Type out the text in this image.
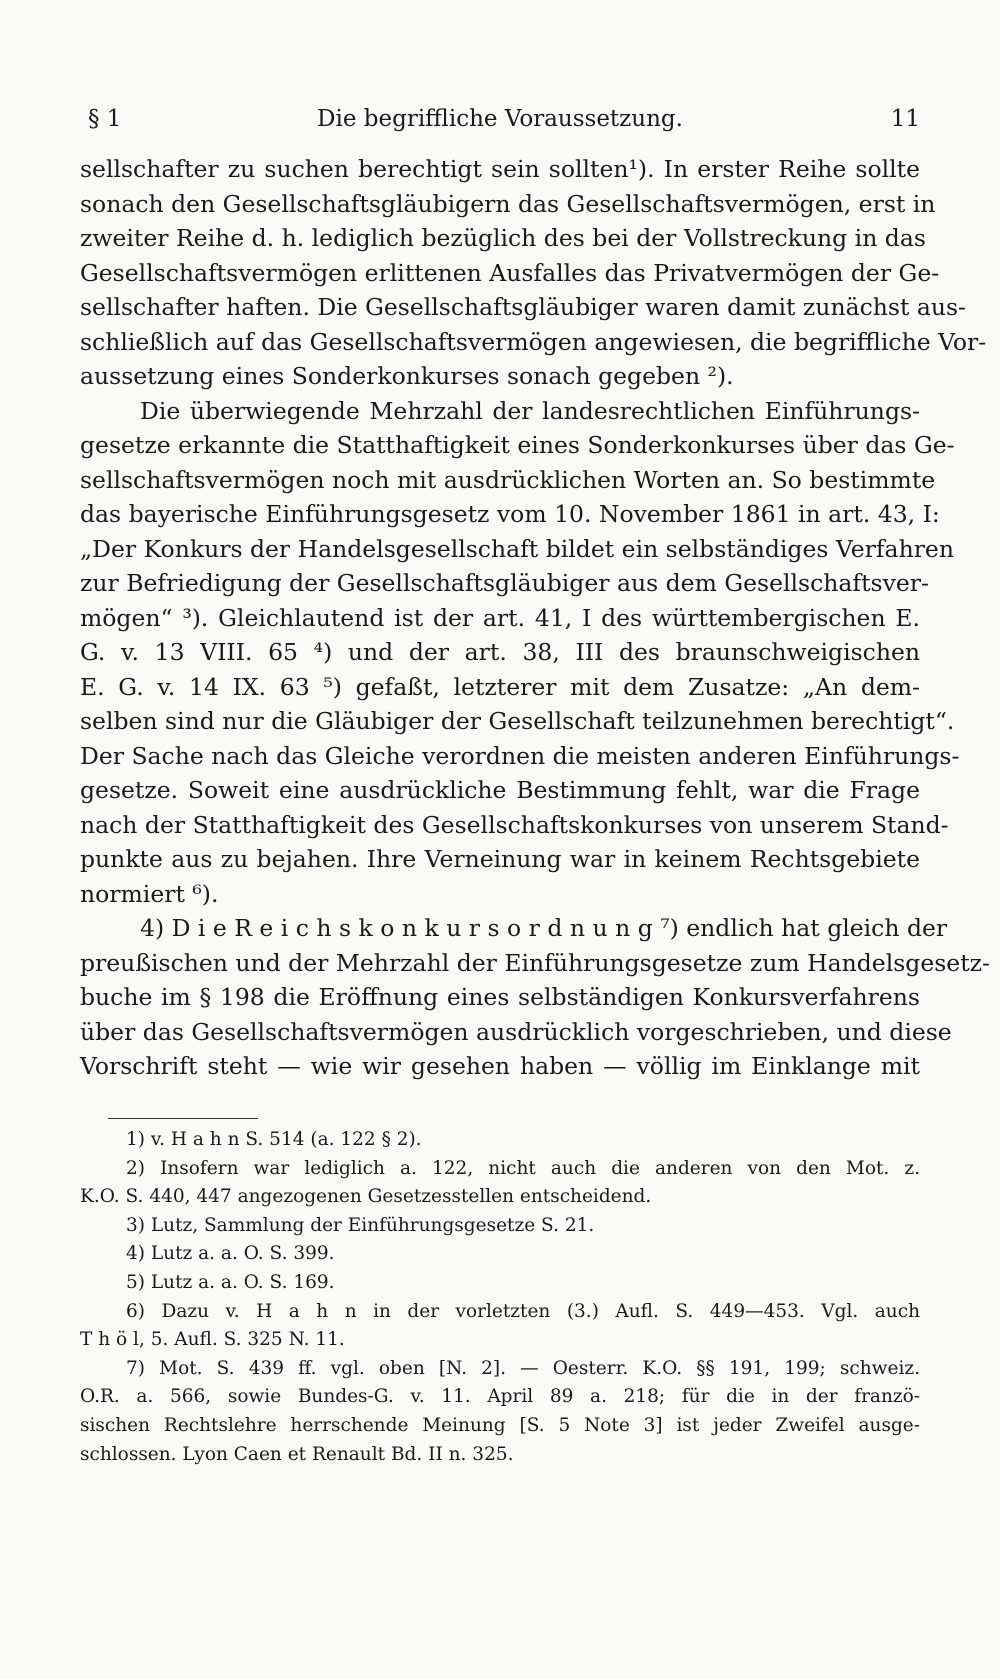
§ 1	Die begriffliche Voraussetzung.	11
sellschafter zu suchen berechtigt sein sollten¹). In erster Reihe sollte
sonach den Gesellschaftsgläubigern das Gesellschaftsvermögen, erst in
zweiter Reihe d. h. lediglich bezüglich des bei der Vollstreckung in das
Gesellschaftsvermögen erlittenen Ausfalles das Privatvermögen der Ge-
sellschafter haften. Die Gesellschaftsgläubiger waren damit zunächst aus-
schließlich auf das Gesellschaftsvermögen angewiesen, die begriffliche Vor-
aussetzung eines Sonderkonkurses sonach gegeben ²).
Die überwiegende Mehrzahl der landesrechtlichen Einführungs-
gesetze erkannte die Statthaftigkeit eines Sonderkonkurses über das Ge-
sellschaftsvermögen noch mit ausdrücklichen Worten an. So bestimmte
das bayerische Einführungsgesetz vom 10. November 1861 in art. 43, I:
„Der Konkurs der Handelsgesellschaft bildet ein selbständiges Verfahren
zur Befriedigung der Gesellschaftsgläubiger aus dem Gesellschaftsver-
mögen“ ³). Gleichlautend ist der art. 41, I des württembergischen E.
G. v. 13 VIII. 65 ⁴) und der art. 38, III des braunschweigischen
E. G. v. 14 IX. 63 ⁵) gefaßt, letzterer mit dem Zusatze: „An dem-
selben sind nur die Gläubiger der Gesellschaft teilzunehmen berechtigt“.
Der Sache nach das Gleiche verordnen die meisten anderen Einführungs-
gesetze. Soweit eine ausdrückliche Bestimmung fehlt, war die Frage
nach der Statthaftigkeit des Gesellschaftskonkurses von unserem Stand-
punkte aus zu bejahen. Ihre Verneinung war in keinem Rechtsgebiete
normiert ⁶).
4) D i e R e i c h s k o n k u r s o r d n u n g ⁷) endlich hat gleich der
preußischen und der Mehrzahl der Einführungsgesetze zum Handelsgesetz-
buche im § 198 die Eröffnung eines selbständigen Konkursverfahrens
über das Gesellschaftsvermögen ausdrücklich vorgeschrieben, und diese
Vorschrift steht — wie wir gesehen haben — völlig im Einklange mit
1) v. H a h n S. 514 (a. 122 § 2).
2) Insofern war lediglich a. 122, nicht auch die anderen von den Mot. z.
K.O. S. 440, 447 angezogenen Gesetzesstellen entscheidend.
3) Lutz, Sammlung der Einführungsgesetze S. 21.
4) Lutz a. a. O. S. 399.
5) Lutz a. a. O. S. 169.
6) Dazu v. H a h n in der vorletzten (3.) Aufl. S. 449—453. Vgl. auch
T h ö l, 5. Aufl. S. 325 N. 11.
7) Mot. S. 439 ff. vgl. oben [N. 2]. — Oesterr. K.O. §§ 191, 199; schweiz.
O.R. a. 566, sowie Bundes-G. v. 11. April 89 a. 218; für die in der franzö-
sischen Rechtslehre herrschende Meinung [S. 5 Note 3] ist jeder Zweifel ausge-
schlossen. Lyon Caen et Renault Bd. II n. 325.
